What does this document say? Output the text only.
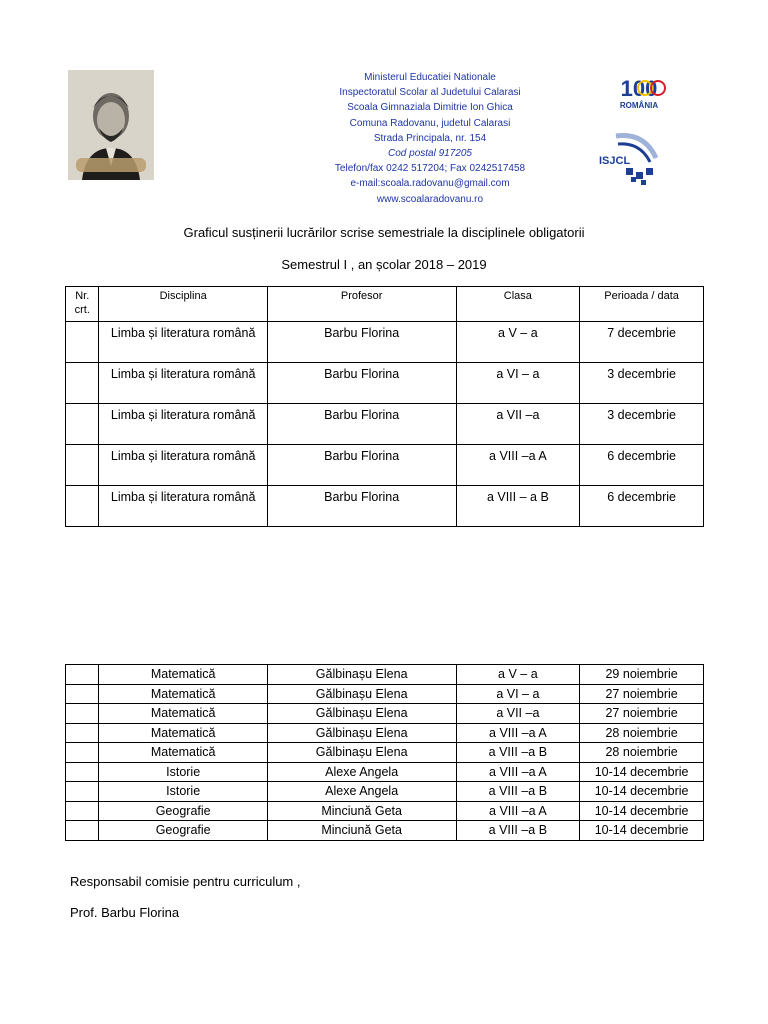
Ministerul Educatiei Nationale
Inspectoratul Scolar al Judetului Calarasi
Scoala Gimnaziala Dimitrie Ion Ghica
Comuna Radovanu, judetul Calarasi
Strada Principala, nr. 154
Cod postal 917205
Telefon/fax 0242 517204; Fax 0242517458
e-mail:scoala.radovanu@gmail.com
www.scoalaradovanu.ro
100
ROMÂNIA
ISJCL
Graficul susținerii lucrărilor scrise semestriale la disciplinele obligatorii
Semestrul I , an școlar 2018 – 2019
Nr. crt.	Disciplina	Profesor	Clasa	Perioada / data
	Limba și literatura română	Barbu Florina	a V – a	7 decembrie
	Limba și literatura română	Barbu Florina	a VI – a	3 decembrie
	Limba și literatura română	Barbu Florina	a VII –a	3 decembrie
	Limba și literatura română	Barbu Florina	a VIII –a A	6 decembrie
	Limba și literatura română	Barbu Florina	a VIII – a B	6 decembrie
	Matematică	Gălbinașu Elena	a V – a	29 noiembrie
	Matematică	Gălbinașu Elena	a VI – a	27 noiembrie
	Matematică	Gălbinașu Elena	a VII –a	27 noiembrie
	Matematică	Gălbinașu Elena	a VIII –a A	28 noiembrie
	Matematică	Gălbinașu Elena	a VIII –a B	28 noiembrie
	Istorie	Alexe Angela	a VIII –a A	10-14 decembrie
	Istorie	Alexe Angela	a VIII –a B	10-14 decembrie
	Geografie	Minciună Geta	a VIII –a A	10-14 decembrie
	Geografie	Minciună Geta	a VIII –a B	10-14 decembrie
Responsabil comisie pentru curriculum ,
Prof. Barbu Florina
